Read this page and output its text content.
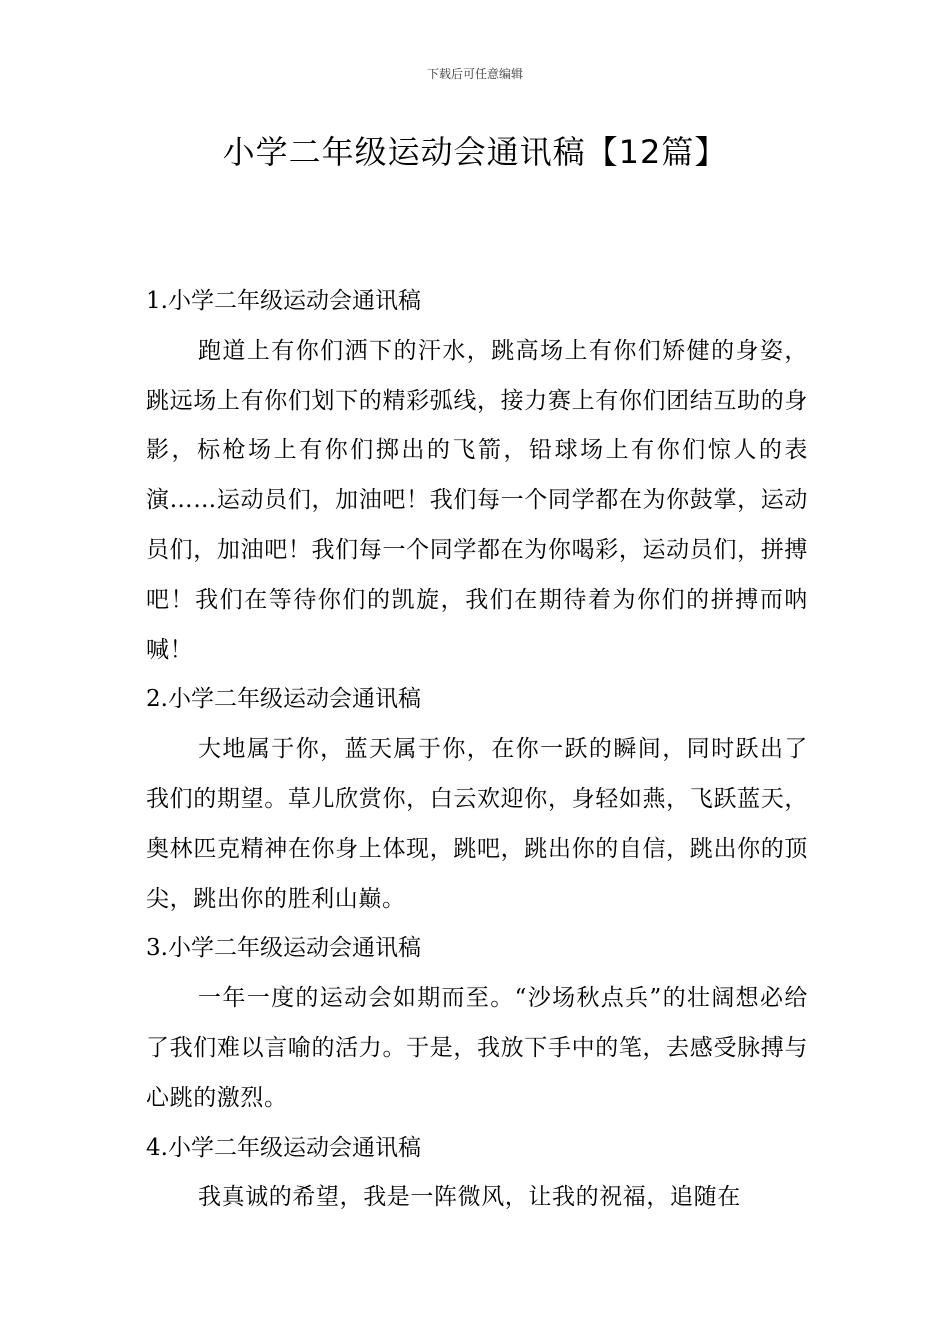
下载后可任意编辑
小学二年级运动会通讯稿【12篇】
1.小学二年级运动会通讯稿

跑道上有你们洒下的汗水，跳高场上有你们矫健的身姿，跳远场上有你们划下的精彩弧线，接力赛上有你们团结互助的身影，标枪场上有你们掷出的飞箭，铅球场上有你们惊人的表演……运动员们，加油吧！我们每一个同学都在为你鼓掌，运动员们，加油吧！我们每一个同学都在为你喝彩，运动员们，拼搏吧！我们在等待你们的凯旋，我们在期待着为你们的拼搏而呐喊！

2.小学二年级运动会通讯稿

大地属于你，蓝天属于你，在你一跃的瞬间，同时跃出了我们的期望。草儿欣赏你，白云欢迎你，身轻如燕，飞跃蓝天，奥林匹克精神在你身上体现，跳吧，跳出你的自信，跳出你的顶尖，跳出你的胜利山巅。

3.小学二年级运动会通讯稿

一年一度的运动会如期而至。“沙场秋点兵”的壮阔想必给了我们难以言喻的活力。于是，我放下手中的笔，去感受脉搏与心跳的激烈。

4.小学二年级运动会通讯稿

我真诚的希望，我是一阵微风，让我的祝福，追随在
